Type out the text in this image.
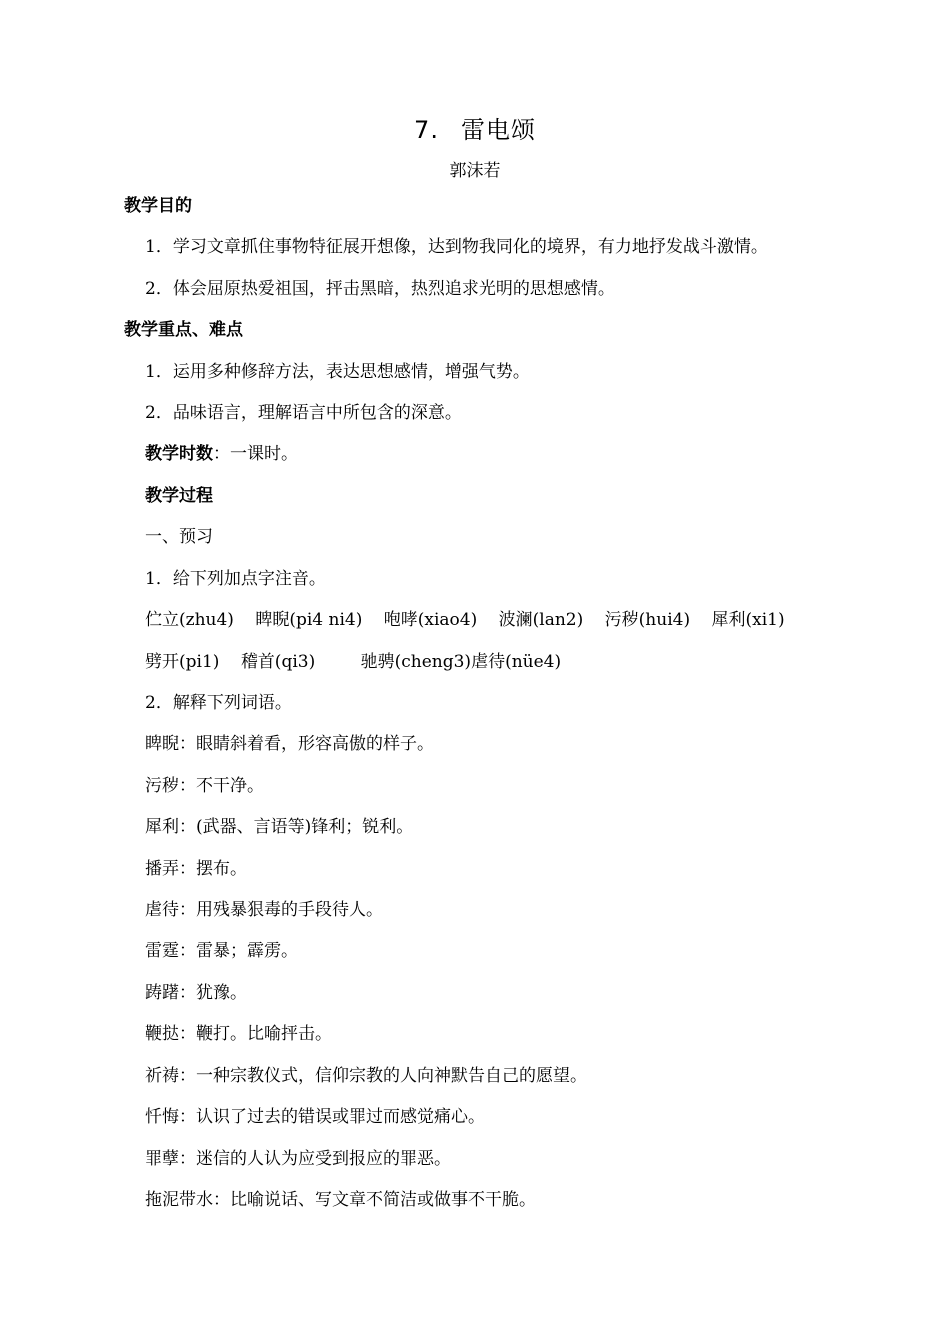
7. 雷电颂
郭沫若
教学目的
1．学习文章抓住事物特征展开想像，达到物我同化的境界，有力地抒发战斗激情。
2．体会屈原热爱祖国，抨击黑暗，热烈追求光明的思想感情。
教学重点、难点
1．运用多种修辞方法，表达思想感情，增强气势。
2．品味语言，理解语言中所包含的深意。
教学时数：一课时。
教学过程
一、预习
1．给下列加点字注音。
伫立(zhu4) 睥睨(pi4 ni4) 咆哮(xiao4) 波澜(lan2) 污秽(hui4) 犀利(xi1)
劈开(pi1) 稽首(qi3)	驰骋(cheng3)虐待(nüe4)
2．解释下列词语。
睥睨：眼睛斜着看，形容高傲的样子。
污秽：不干净。
犀利：(武器、言语等)锋利；锐利。
播弄：摆布。
虐待：用残暴狠毒的手段待人。
雷霆：雷暴；霹雳。
踌躇：犹豫。
鞭挞：鞭打。比喻抨击。
祈祷：一种宗教仪式，信仰宗教的人向神默告自己的愿望。
忏悔：认识了过去的错误或罪过而感觉痛心。
罪孽：迷信的人认为应受到报应的罪恶。
拖泥带水：比喻说话、写文章不简洁或做事不干脆。
